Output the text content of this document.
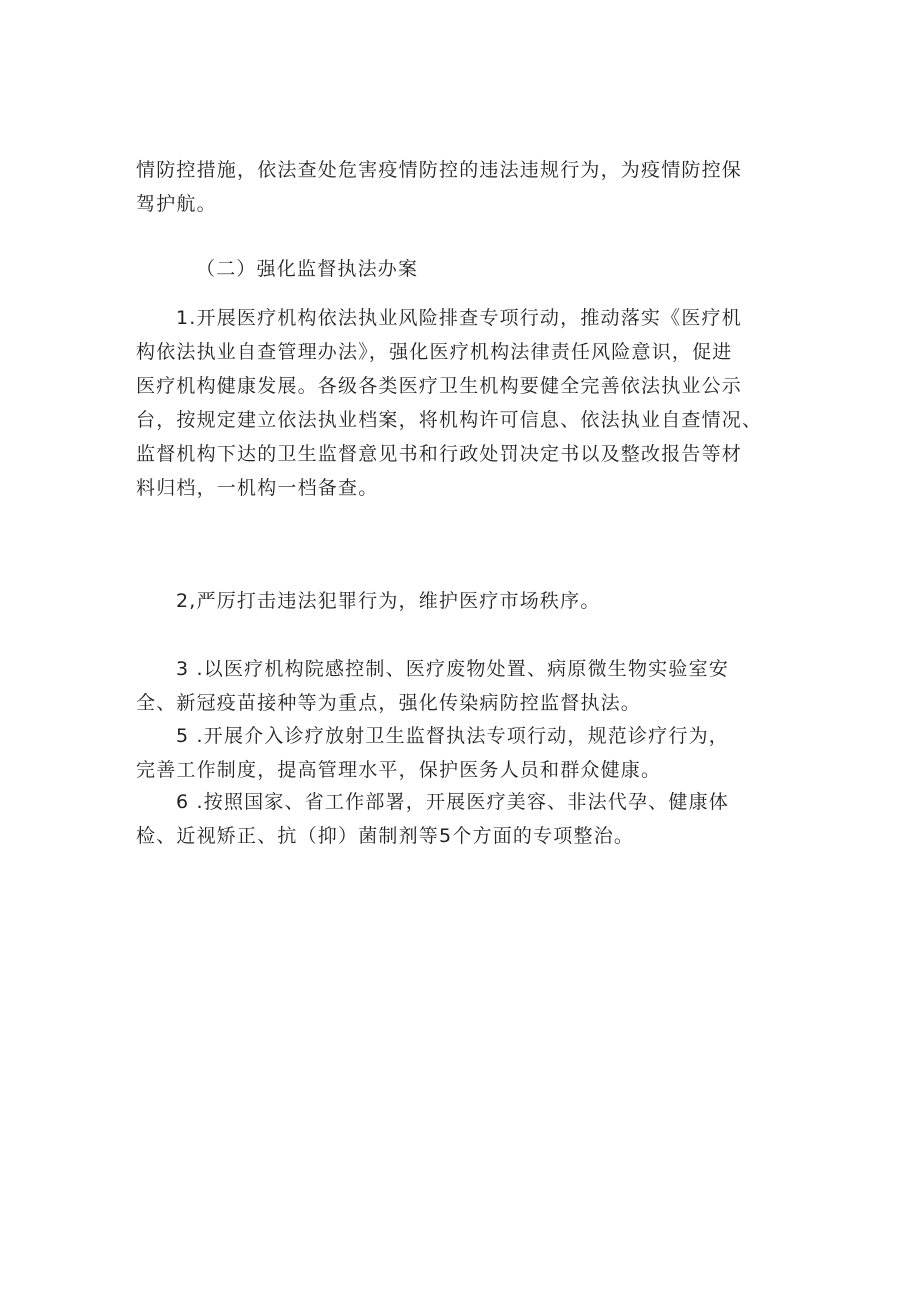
情防控措施，依法查处危害疫情防控的违法违规行为，为疫情防控保
驾护航。

（二）强化监督执法办案

1.开展医疗机构依法执业风险排查专项行动，推动落实《医疗机
构依法执业自查管理办法》，强化医疗机构法律责任风险意识，促进
医疗机构健康发展。各级各类医疗卫生机构要健全完善依法执业公示
台，按规定建立依法执业档案，将机构许可信息、依法执业自查情况、
监督机构下达的卫生监督意见书和行政处罚决定书以及整改报告等材
料归档，一机构一档备查。

2,严厉打击违法犯罪行为，维护医疗市场秩序。

3 .以医疗机构院感控制、医疗废物处置、病原微生物实验室安
全、新冠疫苗接种等为重点，强化传染病防控监督执法。

5 .开展介入诊疗放射卫生监督执法专项行动，规范诊疗行为，
完善工作制度，提高管理水平，保护医务人员和群众健康。

6 .按照国家、省工作部署，开展医疗美容、非法代孕、健康体
检、近视矫正、抗（抑）菌制剂等5个方面的专项整治。
